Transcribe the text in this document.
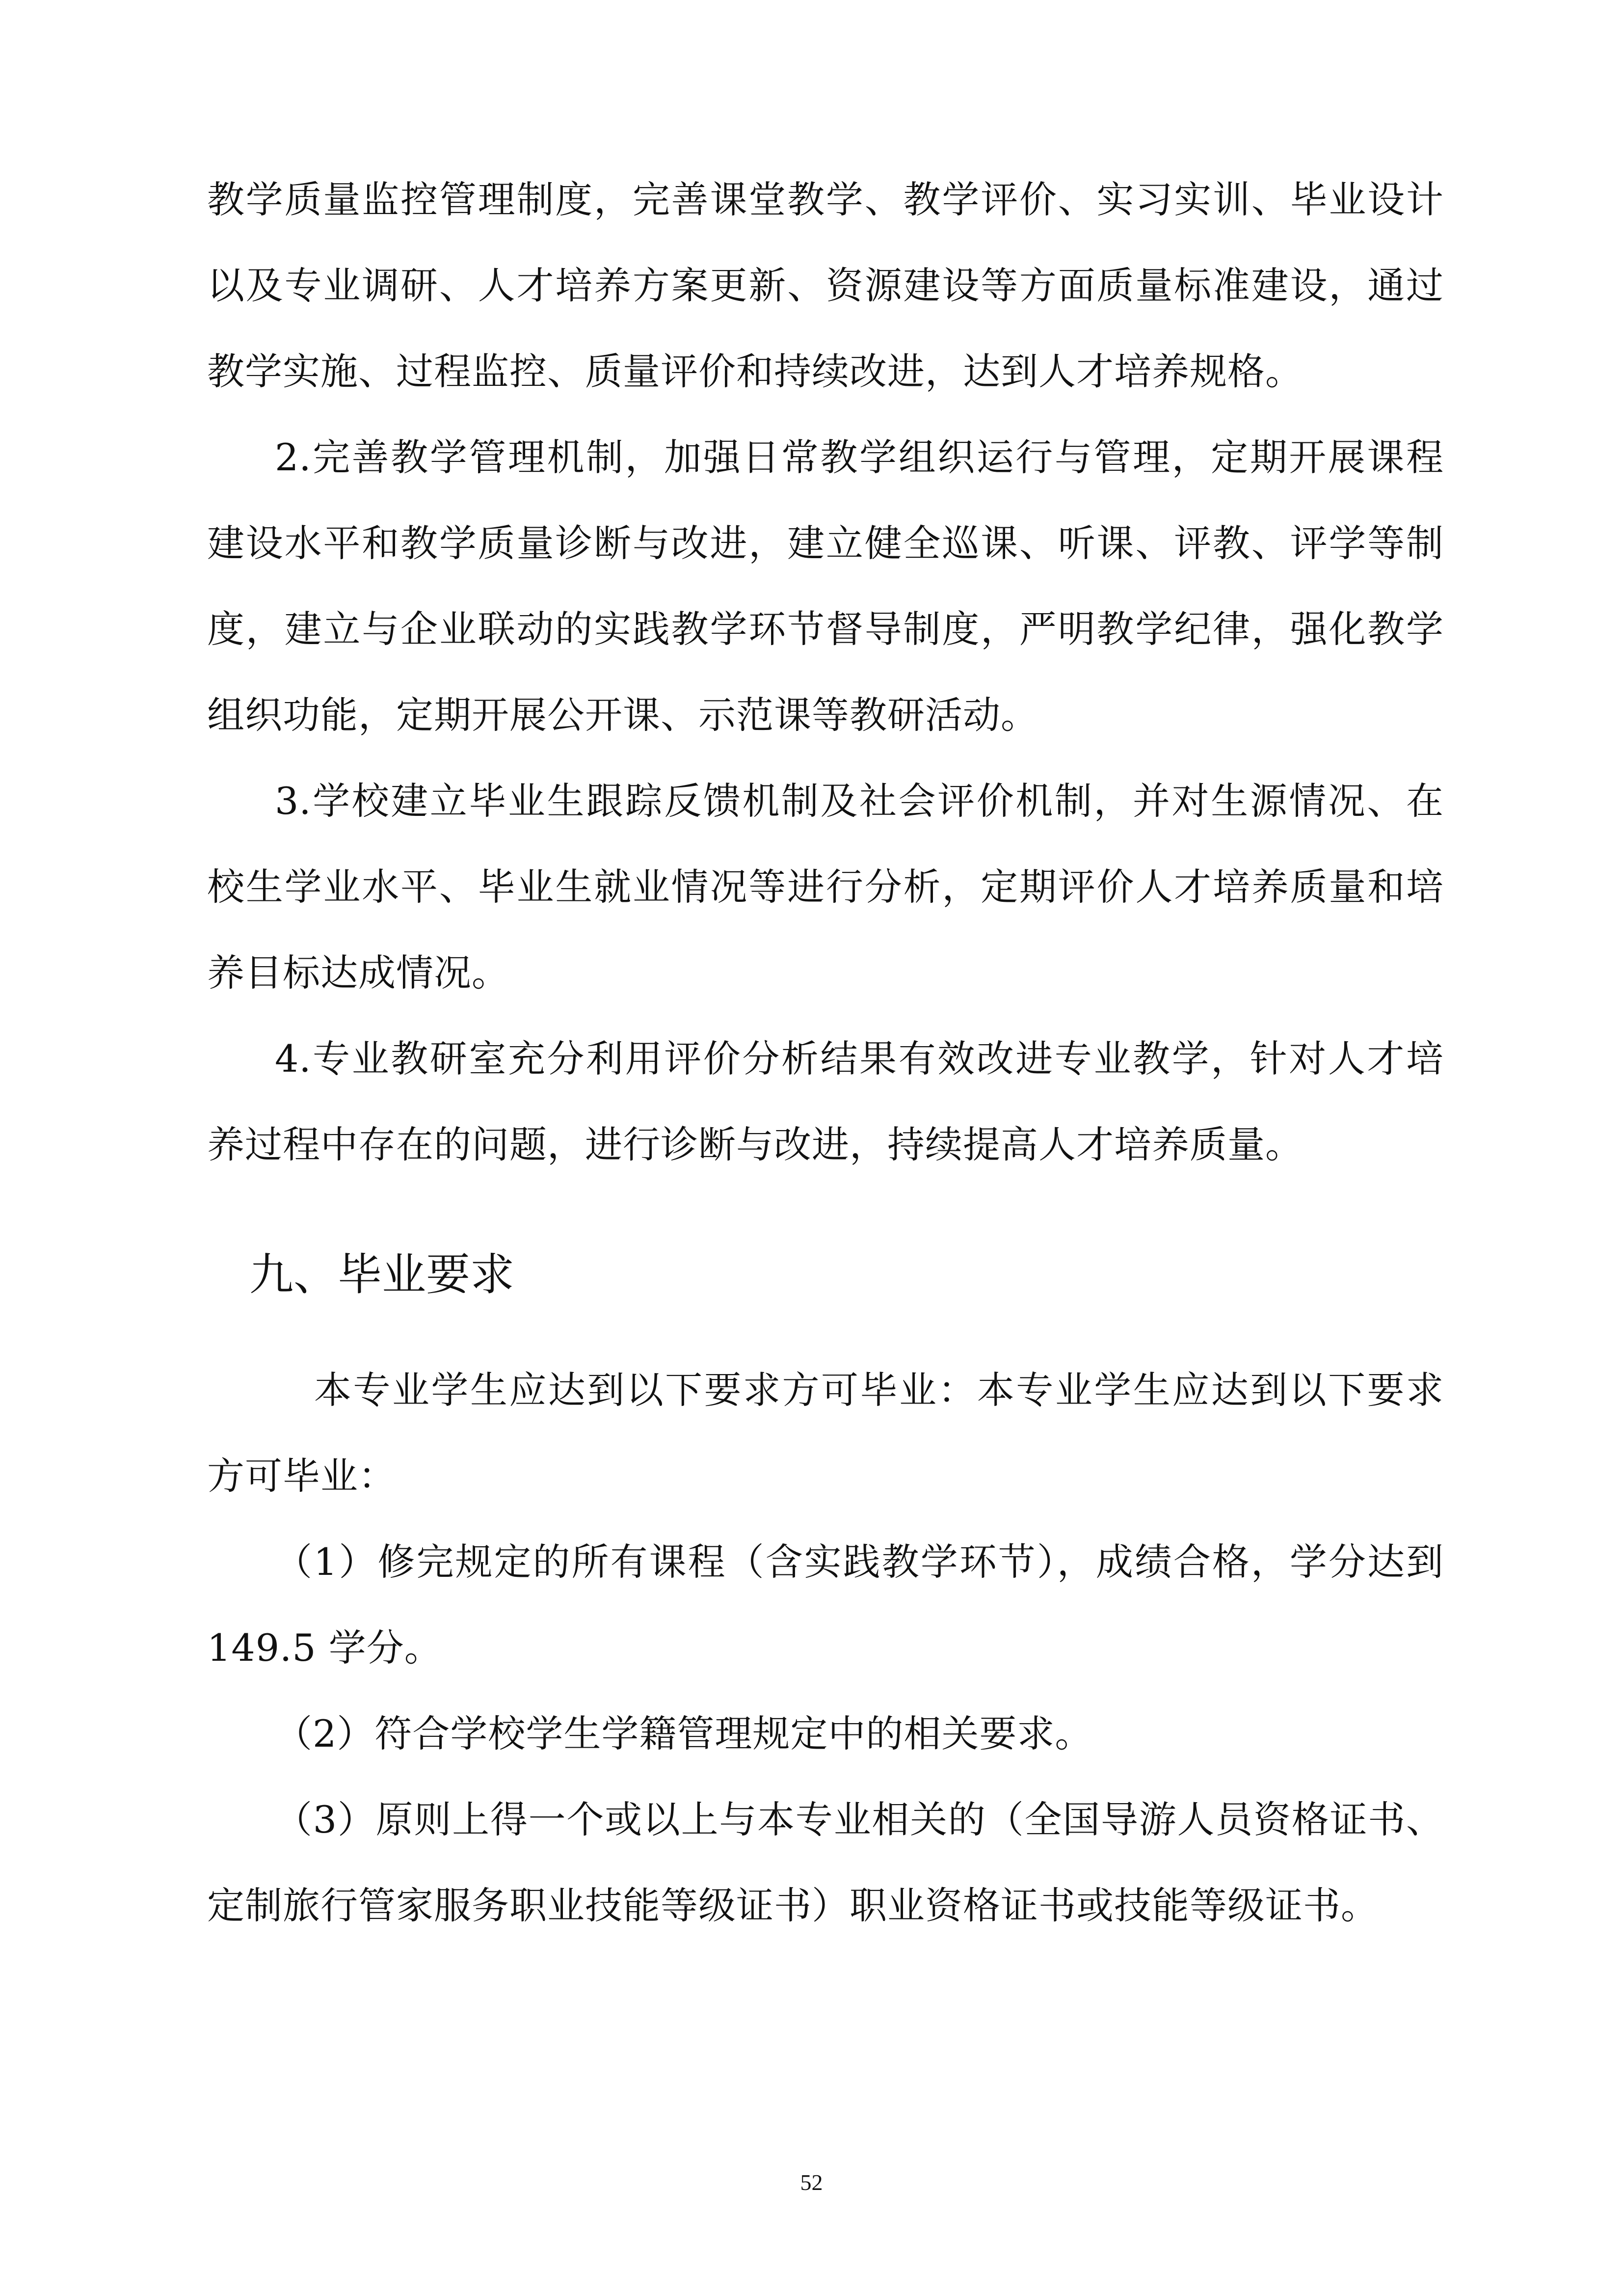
教学质量监控管理制度，完善课堂教学、教学评价、实习实训、毕业设计
以及专业调研、人才培养方案更新、资源建设等方面质量标准建设，通过
教学实施、过程监控、质量评价和持续改进，达到人才培养规格。
2.完善教学管理机制，加强日常教学组织运行与管理，定期开展课程
建设水平和教学质量诊断与改进，建立健全巡课、听课、评教、评学等制
度，建立与企业联动的实践教学环节督导制度，严明教学纪律，强化教学
组织功能，定期开展公开课、示范课等教研活动。
3.学校建立毕业生跟踪反馈机制及社会评价机制，并对生源情况、在
校生学业水平、毕业生就业情况等进行分析，定期评价人才培养质量和培
养目标达成情况。
4.专业教研室充分利用评价分析结果有效改进专业教学，针对人才培
养过程中存在的问题，进行诊断与改进，持续提高人才培养质量。
九、毕业要求
本专业学生应达到以下要求方可毕业：本专业学生应达到以下要求
方可毕业：
（1）修完规定的所有课程（含实践教学环节），成绩合格，学分达到
149.5 学分。
（2）符合学校学生学籍管理规定中的相关要求。
（3）原则上得一个或以上与本专业相关的（全国导游人员资格证书、
定制旅行管家服务职业技能等级证书）职业资格证书或技能等级证书。
52
